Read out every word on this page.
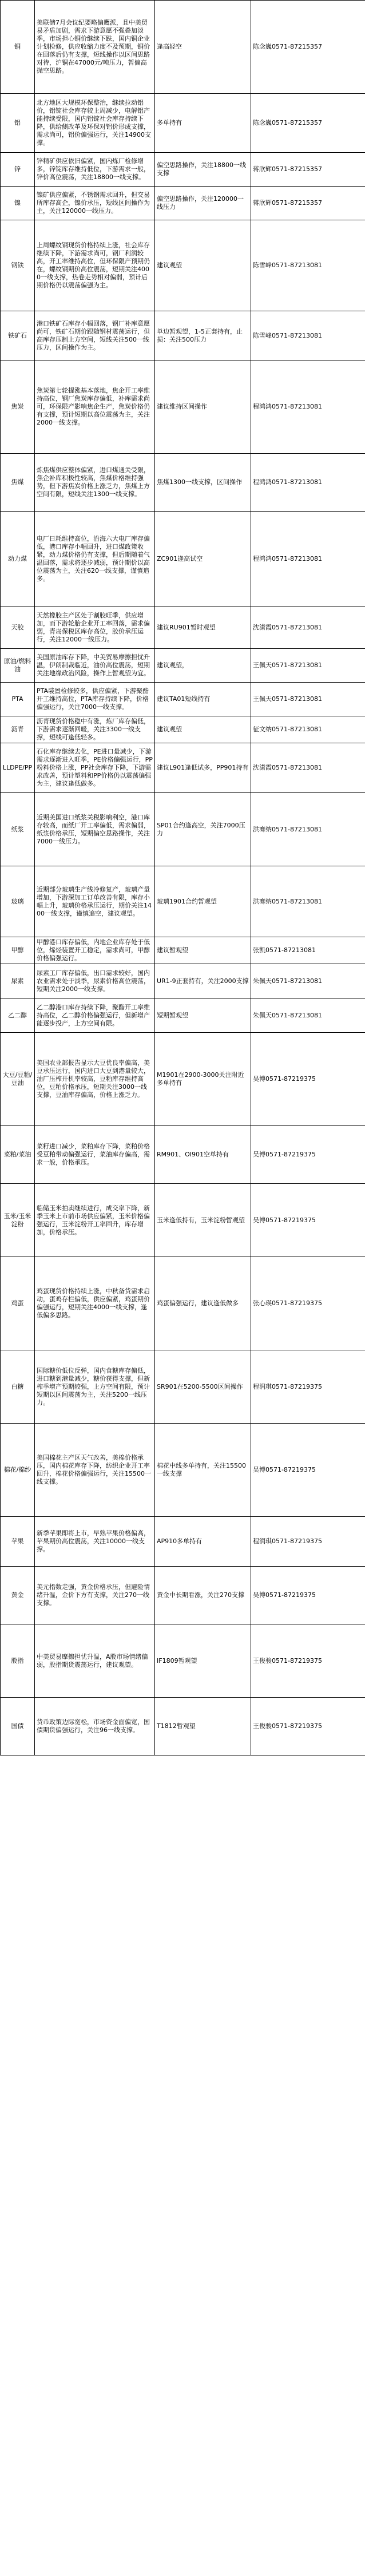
铜	美联储7月会议纪要略偏鹰派，且中美贸易矛盾加剧，需求下游意愿不强叠加淡季，市场担心铜价继续下跌，国内铜企业计划检修，供应收缩力度不及预期，铜价在回落后仍有支撑，短线操作以区间思路对待，沪铜在47000元/吨压力，暂偏高抛空思路。	逢高轻空	陈念巍0571-87215357
铝	北方地区大规模环保整治，继续拉动铝价，铝锭社会库存较上周减少，电解铝产能持续受限，国内铝锭社会库存持续下降，供给侧改革及环保对铝价形成支撑，需求尚可，铝价偏强运行，关注14900支撑。	多单持有	陈念巍0571-87215357
锌	锌精矿供应依旧偏紧，国内炼厂检修增多，锌锭库存维持低位，下游需求一般，锌价高位震荡，关注18800一线支撑。	偏空思路操作，关注18800一线支撑	蒋欣辉0571-87215357
镍	镍矿供应偏紧，不锈钢需求回升，但交易所库存高企，镍价承压，短线区间操作为主，关注120000一线压力。	偏空思路操作，关注120000一线压力	蒋欣辉0571-87215357
钢铁	上周螺纹钢现货价格持续上涨，社会库存继续下降，下游需求尚可，钢厂利润较高，开工率维持高位，但环保限产预期仍在，螺纹钢期价高位震荡，短期关注4000一线支撑，热卷走势相对偏弱，预计后期价格仍以震荡偏强为主。	建议观望	陈雪峰0571-87213081
铁矿石	港口铁矿石库存小幅回落，钢厂补库意愿尚可，铁矿石期价跟随钢材震荡运行，但高库存压制上方空间，短线关注500一线压力，区间操作为主。	单边暂观望，1-5正套持有，止损：关注500压力	陈雪峰0571-87213081
焦炭	焦炭第七轮提涨基本落地，焦企开工率维持高位，钢厂焦炭库存偏低，补库需求尚可，环保限产影响焦企生产，焦炭价格仍有支撑，预计短期以高位震荡为主，关注2000一线支撑。	建议维持区间操作	程鸿鸿0571-87213081
焦煤	炼焦煤供应整体偏紧，进口煤通关受限，焦企补库积极性较高，焦煤价格维持强势，但下游焦炭价格上涨乏力，焦煤上方空间有限，短线关注1300一线支撑。	焦煤1300一线支撑，区间操作	程鸿鸿0571-87213081
动力煤	电厂日耗维持高位，沿海六大电厂库存偏低，港口库存小幅回升，进口煤政策收紧，动力煤价格仍有支撑，但后期随着气温回落，需求将逐步减弱，预计期价以高位震荡为主，关注620一线支撑，谨慎追多。	ZC901逢高试空	程鸿鸿0571-87213081
天胶	天然橡胶主产区处于割胶旺季，供应增加，而下游轮胎企业开工率回落，需求偏弱，青岛保税区库存高位，胶价承压运行，关注12000一线压力。	建议RU901暂时观望	沈潇霞0571-87213081
原油/燃料油	美国原油库存下降，中美贸易摩擦担忧升温，伊朗制裁临近，油价高位震荡，短期关注地缘政治风险，操作上暂观望为宜。	建议观望，	王佩天0571-87213081
PTA	PTA装置检修较多，供应偏紧，下游聚酯开工维持高位，PTA库存持续下降，价格偏强运行，关注7000一线支撑。	建议TA01短线持有	王佩天0571-87213081
沥青	沥青现货价格稳中有涨，炼厂库存偏低，下游需求逐渐回暖，关注3300一线支撑，短线可逢低轻多。	建议观望	征文纳0571-87213081
LLDPE/PP	石化库存继续去化，PE进口量减少，下游需求逐渐进入旺季，PE价格偏强运行，PP粉料价格上涨，PP社会库存下降，下游需求改善，预计塑料和PP价格仍以震荡偏强为主，建议逢低做多。	建议L901逢低试多，PP901持有	沈潇霞0571-87213081
纸浆	近期美国进口纸浆关税影响利空，港口库存较高，而纸厂开工率偏低，需求偏弱，纸浆价格承压，短期偏空思路操作，关注7000一线压力。	SP01合约逢高空，关注7000压力	洪骞纳0571-87213081
玻璃	近期部分玻璃生产线冷修复产，玻璃产量增加，下游深加工订单改善有限，库存小幅上升，玻璃价格承压运行，期价关注1400一线支撑，谨慎追空，建议观望。	玻璃1901合约暂观望	洪骞纳0571-87213081
甲醇	甲醇港口库存偏低，内地企业库存处于低位，烯烃装置开工稳定，需求尚可，甲醇价格偏强运行。	建议暂观望	张凯0571-87213081
尿素	尿素工厂库存偏低，出口需求较好，国内农业需求处于淡季，尿素价格高位震荡，短期关注2000一线支撑。	UR1-9正套持有，关注2000支撑	朱佩天0571-87213081
乙二醇	乙二醇港口库存持续下降，聚酯开工率维持高位，乙二醇价格偏强运行，但新增产能逐步投产，上方空间有限。	短期暂观望	朱佩天0571-87213081
大豆/豆粕/豆油	美国农业部报告显示大豆优良率偏高，美豆承压运行，国内进口大豆到港量较大，油厂压榨开机率较高，豆粕库存维持高位，豆粕价格承压，短期关注3000一线支撑，豆油库存偏高，价格上涨乏力。	M1901在2900-3000关注附近多单持有	吴博0571-87219375
菜粕/菜油	菜籽进口减少，菜粕库存下降，菜粕价格受豆粕带动偏强运行，菜油库存偏高，需求一般，价格承压。	RM901、OI901空单持有	吴博0571-87219375
玉米/玉米淀粉	临储玉米拍卖继续进行，成交率下降，新季玉米上市前市场供应偏紧，玉米价格偏强运行，玉米淀粉开工率回升，库存增加，价格承压。	玉米逢低持有，玉米淀粉暂观望	吴博0571-87219375
鸡蛋	鸡蛋现货价格持续上涨，中秋备货需求启动，蛋鸡存栏偏低，供应偏紧，鸡蛋期价偏强运行，短期关注4000一线支撑，逢低偏多思路。	鸡蛋偏强运行，建议逢低做多	张心瑛0571-87219375
白糖	国际糖价低位反弹，国内食糖库存偏低，进口糖到港量减少，糖价获得支撑，但新榨季增产预期较强，上方空间有限，预计短期以区间震荡为主，关注5200一线压力。	SR901在5200-5500区间操作	程润琪0571-87219375
棉花/棉纱	美国棉花主产区天气改善，美棉价格承压，国内棉花库存下降，纺织企业开工率回升，棉花价格偏强运行，关注15500一线支撑。	棉花中线多单持有，关注15500一线支撑	吴博0571-87219375
苹果	新季苹果即将上市，早熟苹果价格偏高，苹果期价高位震荡，关注10000一线支撑。	AP910多单持有	程润琪0571-87219375
黄金	美元指数走强，黄金价格承压，但避险情绪升温，金价下方有支撑，关注270一线支撑。	黄金中长期看涨，关注270支撑	吴博0571-87219375
股指	中美贸易摩擦担忧升温，A股市场情绪偏弱，股指期货震荡运行，建议观望。	IF1809暂观望	王俊骏0571-87219375
国债	货币政策边际宽松，市场资金面偏宽，国债期货偏强运行，关注96一线支撑。	T1812暂观望	王俊骏0571-87219375
